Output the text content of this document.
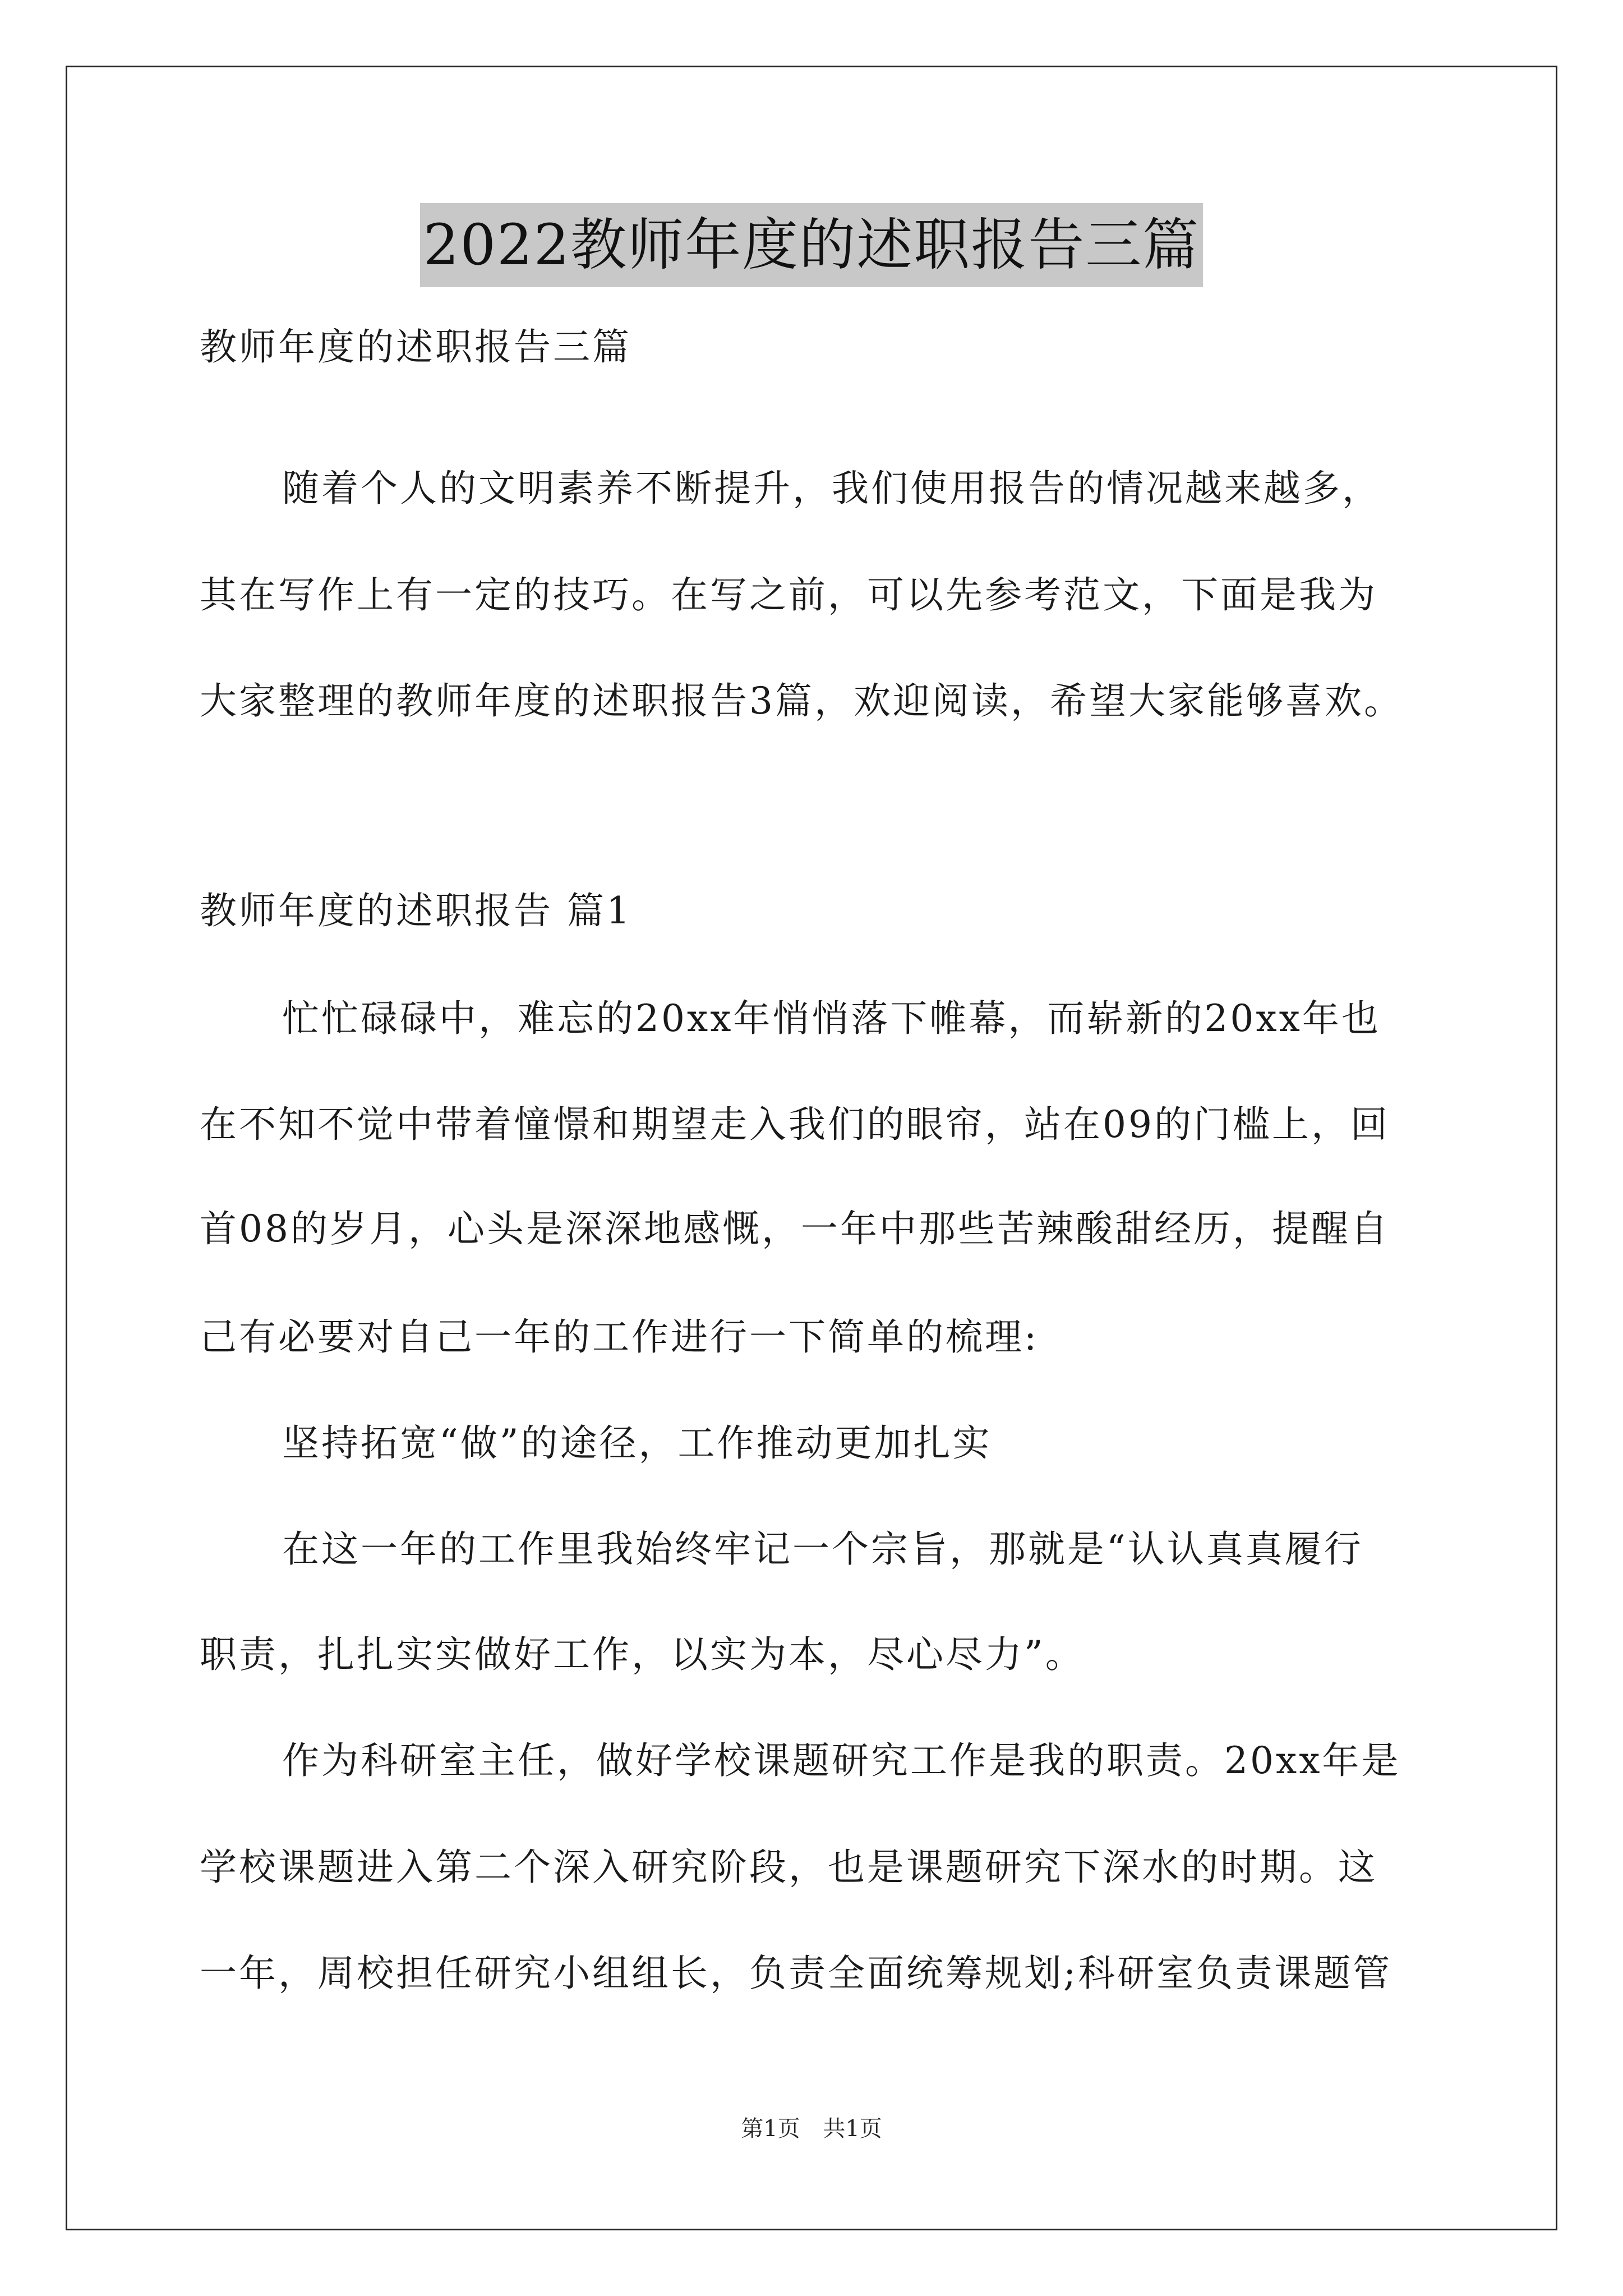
2022教师年度的述职报告三篇
教师年度的述职报告三篇
随着个人的文明素养不断提升，我们使用报告的情况越来越多，
其在写作上有一定的技巧。在写之前，可以先参考范文，下面是我为
大家整理的教师年度的述职报告3篇，欢迎阅读，希望大家能够喜欢。
教师年度的述职报告 篇1
忙忙碌碌中，难忘的20xx年悄悄落下帷幕，而崭新的20xx年也
在不知不觉中带着憧憬和期望走入我们的眼帘，站在09的门槛上，回
首08的岁月，心头是深深地感慨，一年中那些苦辣酸甜经历，提醒自
己有必要对自己一年的工作进行一下简单的梳理:
坚持拓宽“做”的途径，工作推动更加扎实
在这一年的工作里我始终牢记一个宗旨，那就是“认认真真履行
职责，扎扎实实做好工作，以实为本，尽心尽力”。
作为科研室主任，做好学校课题研究工作是我的职责。20xx年是
学校课题进入第二个深入研究阶段，也是课题研究下深水的时期。这
一年，周校担任研究小组组长，负责全面统筹规划;科研室负责课题管
第1页 共1页
